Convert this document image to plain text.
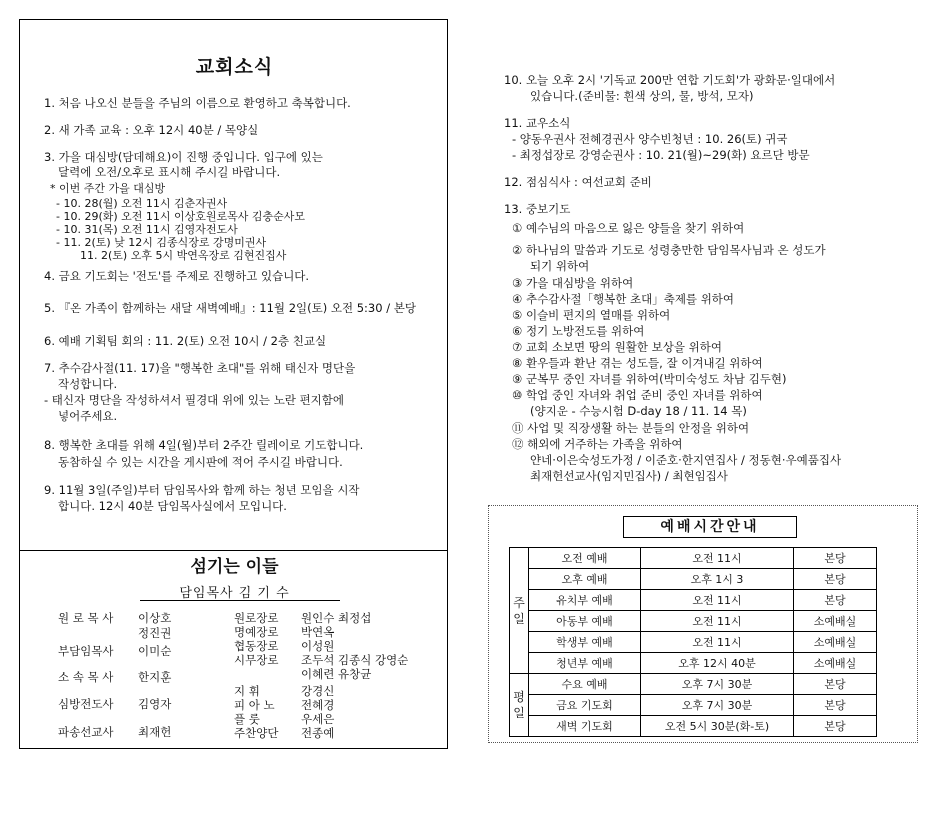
교회소식
1. 처음 나오신 분들을 주님의 이름으로 환영하고 축복합니다.
2. 새 가족 교육 : 오후 12시 40분 / 목양실
3. 가을 대심방(담데해요)이 진행 중입니다. 입구에 있는
달력에 오전/오후로 표시해 주시길 바랍니다.
* 이번 주간 가을 대심방
- 10. 28(월) 오전 11시 김춘자권사
- 10. 29(화) 오전 11시 이상호원로목사 김충순사모
- 10. 31(목) 오전 11시 김영자전도사
- 11. 2(토) 낮 12시 김종식장로 강명미권사
11. 2(토) 오후 5시 박연옥장로 김현진집사
4. 금요 기도회는 '전도'를 주제로 진행하고 있습니다.
5. 『온 가족이 함께하는 새달 새벽예배』: 11월 2일(토) 오전 5:30 / 본당
6. 예배 기획팀 회의 : 11. 2(토) 오전 10시 / 2층 친교실
7. 추수감사절(11. 17)을 "행복한 초대"를 위해 태신자 명단을
작성합니다.
- 태신자 명단을 작성하셔서 필경대 위에 있는 노란 편지함에
넣어주세요.
8. 행복한 초대를 위해 4일(월)부터 2주간 릴레이로 기도합니다.
동참하실 수 있는 시간을 게시판에 적어 주시길 바랍니다.
9. 11월 3일(주일)부터 담임목사와 함께 하는 청년 모임을 시작
합니다. 12시 40분 담임목사실에서 모입니다.
섬기는 이들
담임목사 김 기 수
원 로 목 사 이상호
정진권
부담임목사 이미순
소 속 목 사 한지훈
심방전도사 김영자
파송선교사 최재헌
원로장로 원인수 최정섭
명예장로 박연옥
협동장로 이성원
시무장로 조두석 김종식 강영순
이혜련 유창균
지 휘	강경신
피 아 노 전혜경
플 룻	우세은
주찬양단 전종예
10. 오늘 오후 2시 '기독교 200만 연합 기도회'가 광화문·일대에서
있습니다.(준비물: 흰색 상의, 물, 방석, 모자)
11. 교우소식
- 양동우권사 전혜경권사 양수빈청년 : 10. 26(토) 귀국
- 최정섭장로 강영순권사 : 10. 21(월)~29(화) 요르단 방문
12. 점심식사 : 여선교회 준비
13. 중보기도
① 예수님의 마음으로 잃은 양들을 찾기 위하여
② 하나님의 말씀과 기도로 성령충만한 담임목사님과 온 성도가
되기 위하여
③ 가을 대심방을 위하여
④ 추수감사절「행복한 초대」축제를 위하여
⑤ 이슬비 편지의 열매를 위하여
⑥ 정기 노방전도를 위하여
⑦ 교회 소보면 땅의 원활한 보상을 위하여
⑧ 환우들과 환난 겪는 성도들, 잘 이겨내길 위하여
⑨ 군복무 중인 자녀를 위하여(박미숙성도 차남 김두현)
⑩ 학업 중인 자녀와 취업 준비 중인 자녀를 위하여
(양지운 - 수능시험 D-day 18 / 11. 14 목)
⑪ 사업 및 직장생활 하는 분들의 안정을 위하여
⑫ 해외에 거주하는 가족을 위하여
얀네·이은숙성도가정 / 이준호·한지연집사 / 정동현·우예품집사
최재헌선교사(임지민집사) / 최현임집사
예배시간안내
주
일	오전 예배	오전 11시	본당
	오후 예배	오후 1시 3	본당
	유치부 예배	오전 11시	본당
	아동부 예배	오전 11시	소예배실
	학생부 예배	오전 11시	소예배실
	청년부 예배	오후 12시 40분	소예배실
평
일	수요 예배	오후 7시 30분	본당
	금요 기도회	오후 7시 30분	본당
	새벽 기도회	오전 5시 30분(화-토)	본당
